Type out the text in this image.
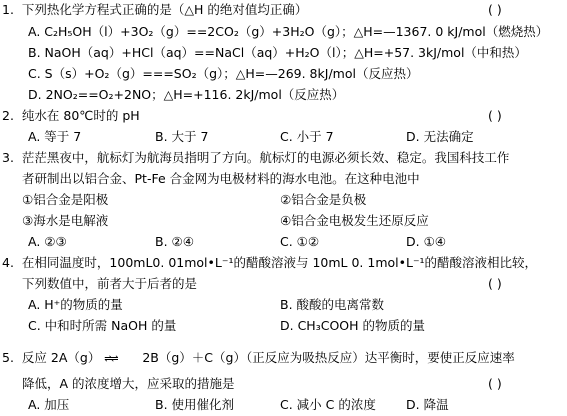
1. 下列热化学方程式正确的是（△H 的绝对值均正确）	( )
A. C₂H₅OH（l）+3O₂（g）==2CO₂（g）+3H₂O（g）；△H=—1367. 0 kJ/mol（燃烧热）
B. NaOH（aq）+HCl（aq）==NaCl（aq）+H₂O（l）；△H=+57. 3kJ/mol（中和热）
C. S（s）+O₂（g）===SO₂（g）；△H=—269. 8kJ/mol（反应热）
D. 2NO₂==O₂+2NO；△H=+116. 2kJ/mol（反应热）
2. 纯水在 80℃时的 pH	( )
A. 等于 7	B. 大于 7	C. 小于 7	D. 无法确定
3. 茫茫黑夜中，航标灯为航海员指明了方向。航标灯的电源必须长效、稳定。我国科技工作
者研制出以铝合金、Pt-Fe 合金网为电极材料的海水电池。在这种电池中
①铝合金是阳极	②铝合金是负极
③海水是电解液	④铝合金电极发生还原反应
A. ②③	B. ②④	C. ①②	D. ①④
4. 在相同温度时，100mL0. 01mol•L⁻¹的醋酸溶液与 10mL 0. 1mol•L⁻¹的醋酸溶液相比较，
下列数值中，前者大于后者的是	( )
A. H⁺的物质的量	B. 酸酸的电离常数
C. 中和时所需 NaOH 的量	D. CH₃COOH 的物质的量
5. 反应 2A（g） ⇌⇌ 2B（g）＋C（g）（正反应为吸热反应）达平衡时，要使正反应速率
降低，A 的浓度增大，应采取的措施是	( )
A. 加压	B. 使用催化剂	C. 减小 C 的浓度 D. 降温
